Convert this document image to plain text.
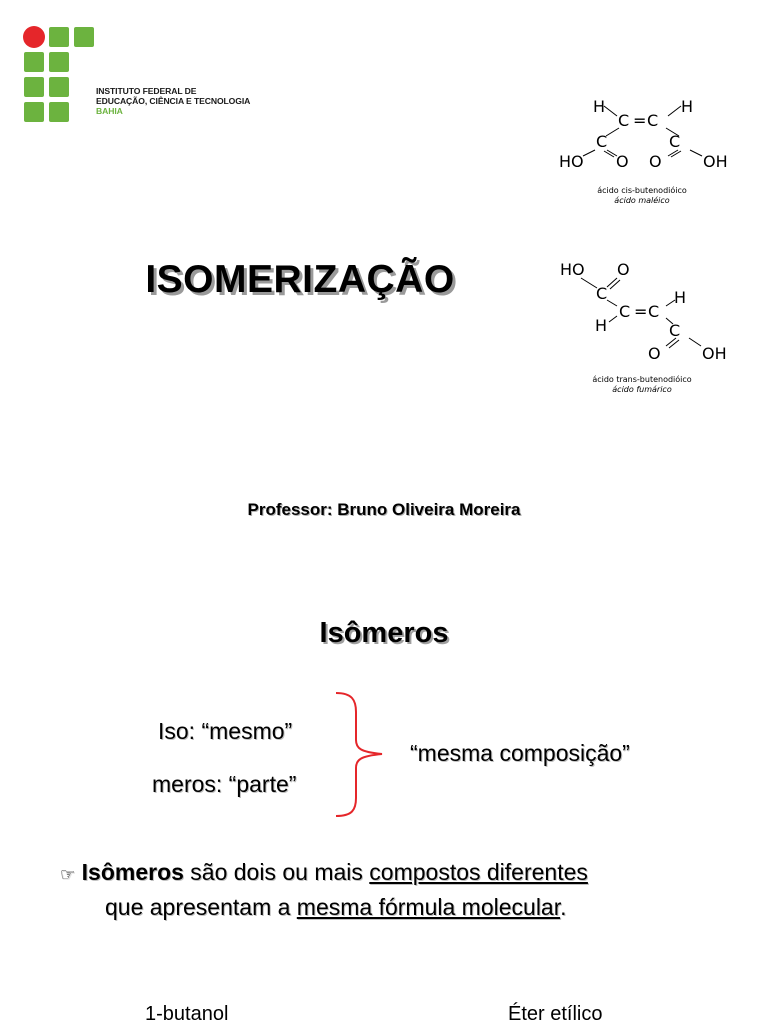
INSTITUTO FEDERAL DE
EDUCAÇÃO, CIÊNCIA E TECNOLOGIA
BAHIA
ISOMERIZAÇÃO
H	H
C = C
C	C
HO O O	OH
ácido cis-butenodióico
ácido maléico
HO O
C	H
C = C
H	C
O	OH
ácido trans-butenodióico
ácido fumárico
Professor: Bruno Oliveira Moreira
Isômeros
Iso: “mesmo”
meros: “parte”
“mesma composição”
☞ Isômeros são dois ou mais compostos diferentes
que apresentam a mesma fórmula molecular.
1-butanol	Éter etílico
